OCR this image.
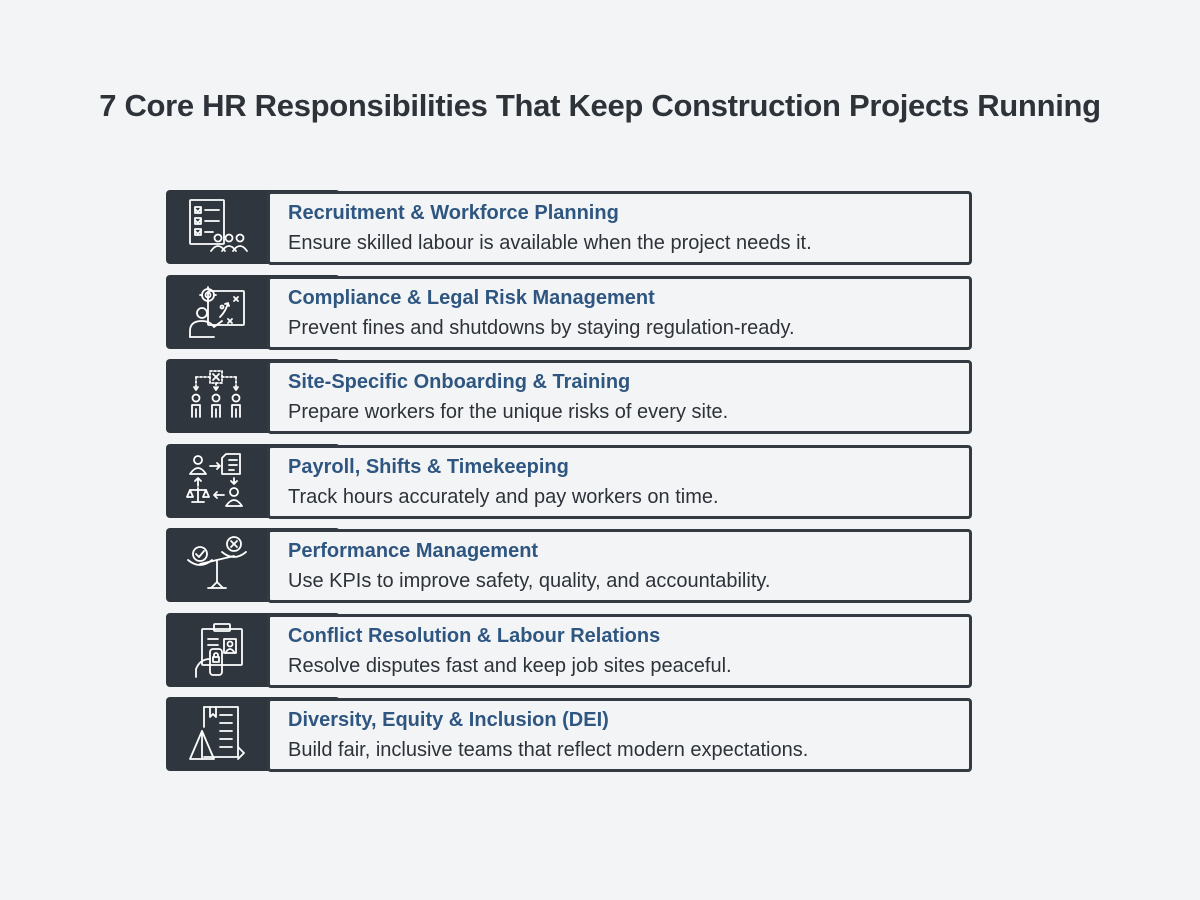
7 Core HR Responsibilities That Keep Construction Projects Running

Recruitment & Workforce Planning

Ensure skilled labour is available when the project needs it.

Compliance & Legal Risk Management

Prevent fines and shutdowns by staying regulation-ready.

Site-Specific Onboarding & Training

Prepare workers for the unique risks of every site.

Payroll, Shifts & Timekeeping

Track hours accurately and pay workers on time.

Performance Management

Use KPIs to improve safety, quality, and accountability.

Conflict Resolution & Labour Relations

Resolve disputes fast and keep job sites peaceful.

Diversity, Equity & Inclusion (DEI)

Build fair, inclusive teams that reflect modern expectations.
